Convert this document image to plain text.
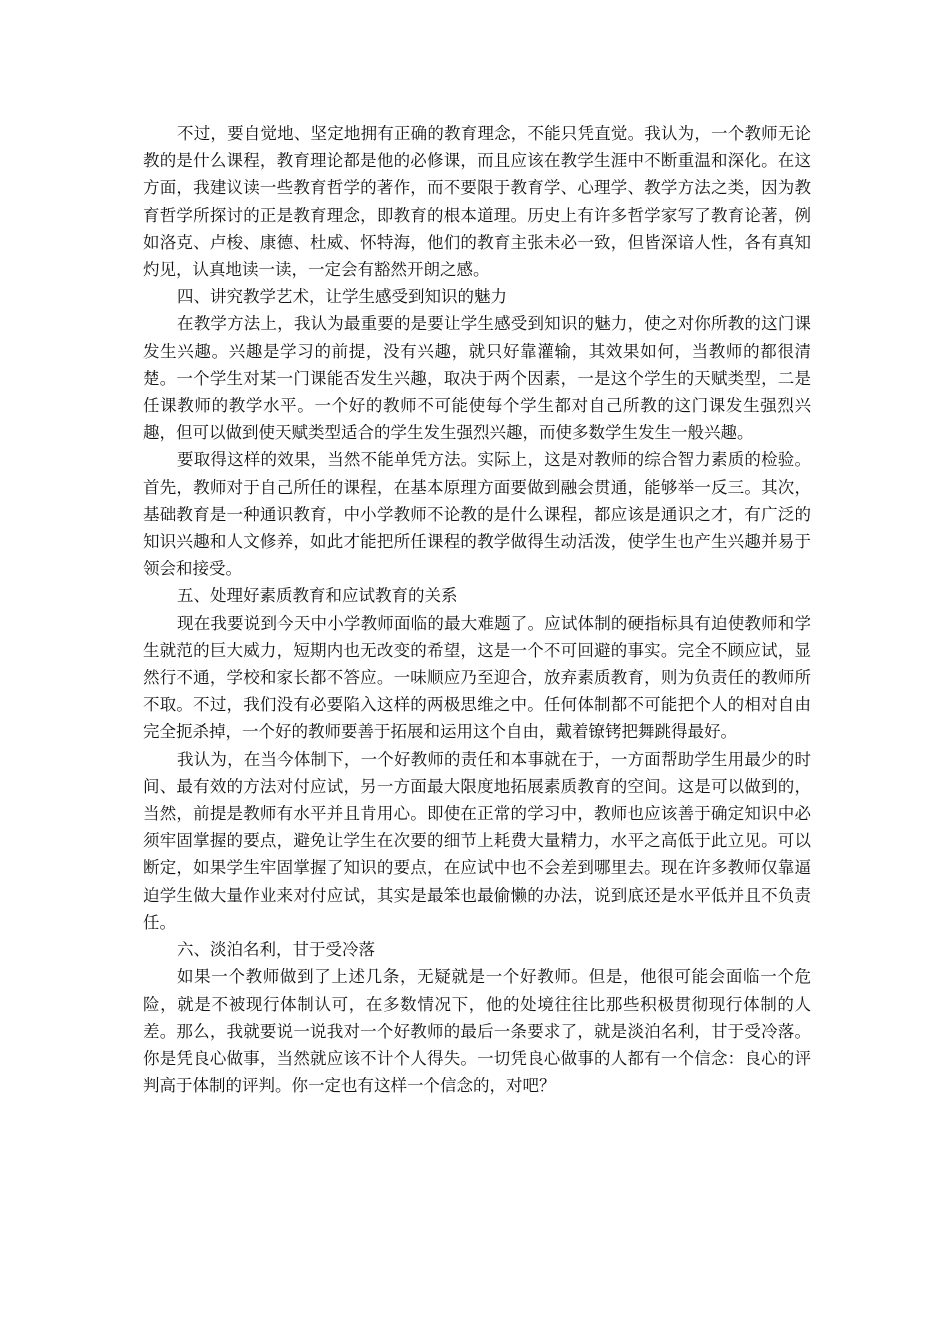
不过，要自觉地、坚定地拥有正确的教育理念，不能只凭直觉。我认为，一个教师无论教的是什么课程，教育理论都是他的必修课，而且应该在教学生涯中不断重温和深化。在这方面，我建议读一些教育哲学的著作，而不要限于教育学、心理学、教学方法之类，因为教育哲学所探讨的正是教育理念，即教育的根本道理。历史上有许多哲学家写了教育论著，例如洛克、卢梭、康德、杜威、怀特海，他们的教育主张未必一致，但皆深谙人性，各有真知灼见，认真地读一读，一定会有豁然开朗之感。

四、讲究教学艺术，让学生感受到知识的魅力

在教学方法上，我认为最重要的是要让学生感受到知识的魅力，使之对你所教的这门课发生兴趣。兴趣是学习的前提，没有兴趣，就只好靠灌输，其效果如何，当教师的都很清楚。一个学生对某一门课能否发生兴趣，取决于两个因素，一是这个学生的天赋类型，二是任课教师的教学水平。一个好的教师不可能使每个学生都对自己所教的这门课发生强烈兴趣，但可以做到使天赋类型适合的学生发生强烈兴趣，而使多数学生发生一般兴趣。

要取得这样的效果，当然不能单凭方法。实际上，这是对教师的综合智力素质的检验。首先，教师对于自己所任的课程，在基本原理方面要做到融会贯通，能够举一反三。其次，基础教育是一种通识教育，中小学教师不论教的是什么课程，都应该是通识之才，有广泛的知识兴趣和人文修养，如此才能把所任课程的教学做得生动活泼，使学生也产生兴趣并易于领会和接受。

五、处理好素质教育和应试教育的关系

现在我要说到今天中小学教师面临的最大难题了。应试体制的硬指标具有迫使教师和学生就范的巨大威力，短期内也无改变的希望，这是一个不可回避的事实。完全不顾应试，显然行不通，学校和家长都不答应。一味顺应乃至迎合，放弃素质教育，则为负责任的教师所不取。不过，我们没有必要陷入这样的两极思维之中。任何体制都不可能把个人的相对自由完全扼杀掉，一个好的教师要善于拓展和运用这个自由，戴着镣铐把舞跳得最好。

我认为，在当今体制下，一个好教师的责任和本事就在于，一方面帮助学生用最少的时间、最有效的方法对付应试，另一方面最大限度地拓展素质教育的空间。这是可以做到的，当然，前提是教师有水平并且肯用心。即使在正常的学习中，教师也应该善于确定知识中必须牢固掌握的要点，避免让学生在次要的细节上耗费大量精力，水平之高低于此立见。可以断定，如果学生牢固掌握了知识的要点，在应试中也不会差到哪里去。现在许多教师仅靠逼迫学生做大量作业来对付应试，其实是最笨也最偷懒的办法，说到底还是水平低并且不负责任。

六、淡泊名利，甘于受冷落

如果一个教师做到了上述几条，无疑就是一个好教师。但是，他很可能会面临一个危险，就是不被现行体制认可，在多数情况下，他的处境往往比那些积极贯彻现行体制的人差。那么，我就要说一说我对一个好教师的最后一条要求了，就是淡泊名利，甘于受冷落。你是凭良心做事，当然就应该不计个人得失。一切凭良心做事的人都有一个信念：良心的评判高于体制的评判。你一定也有这样一个信念的，对吧？
